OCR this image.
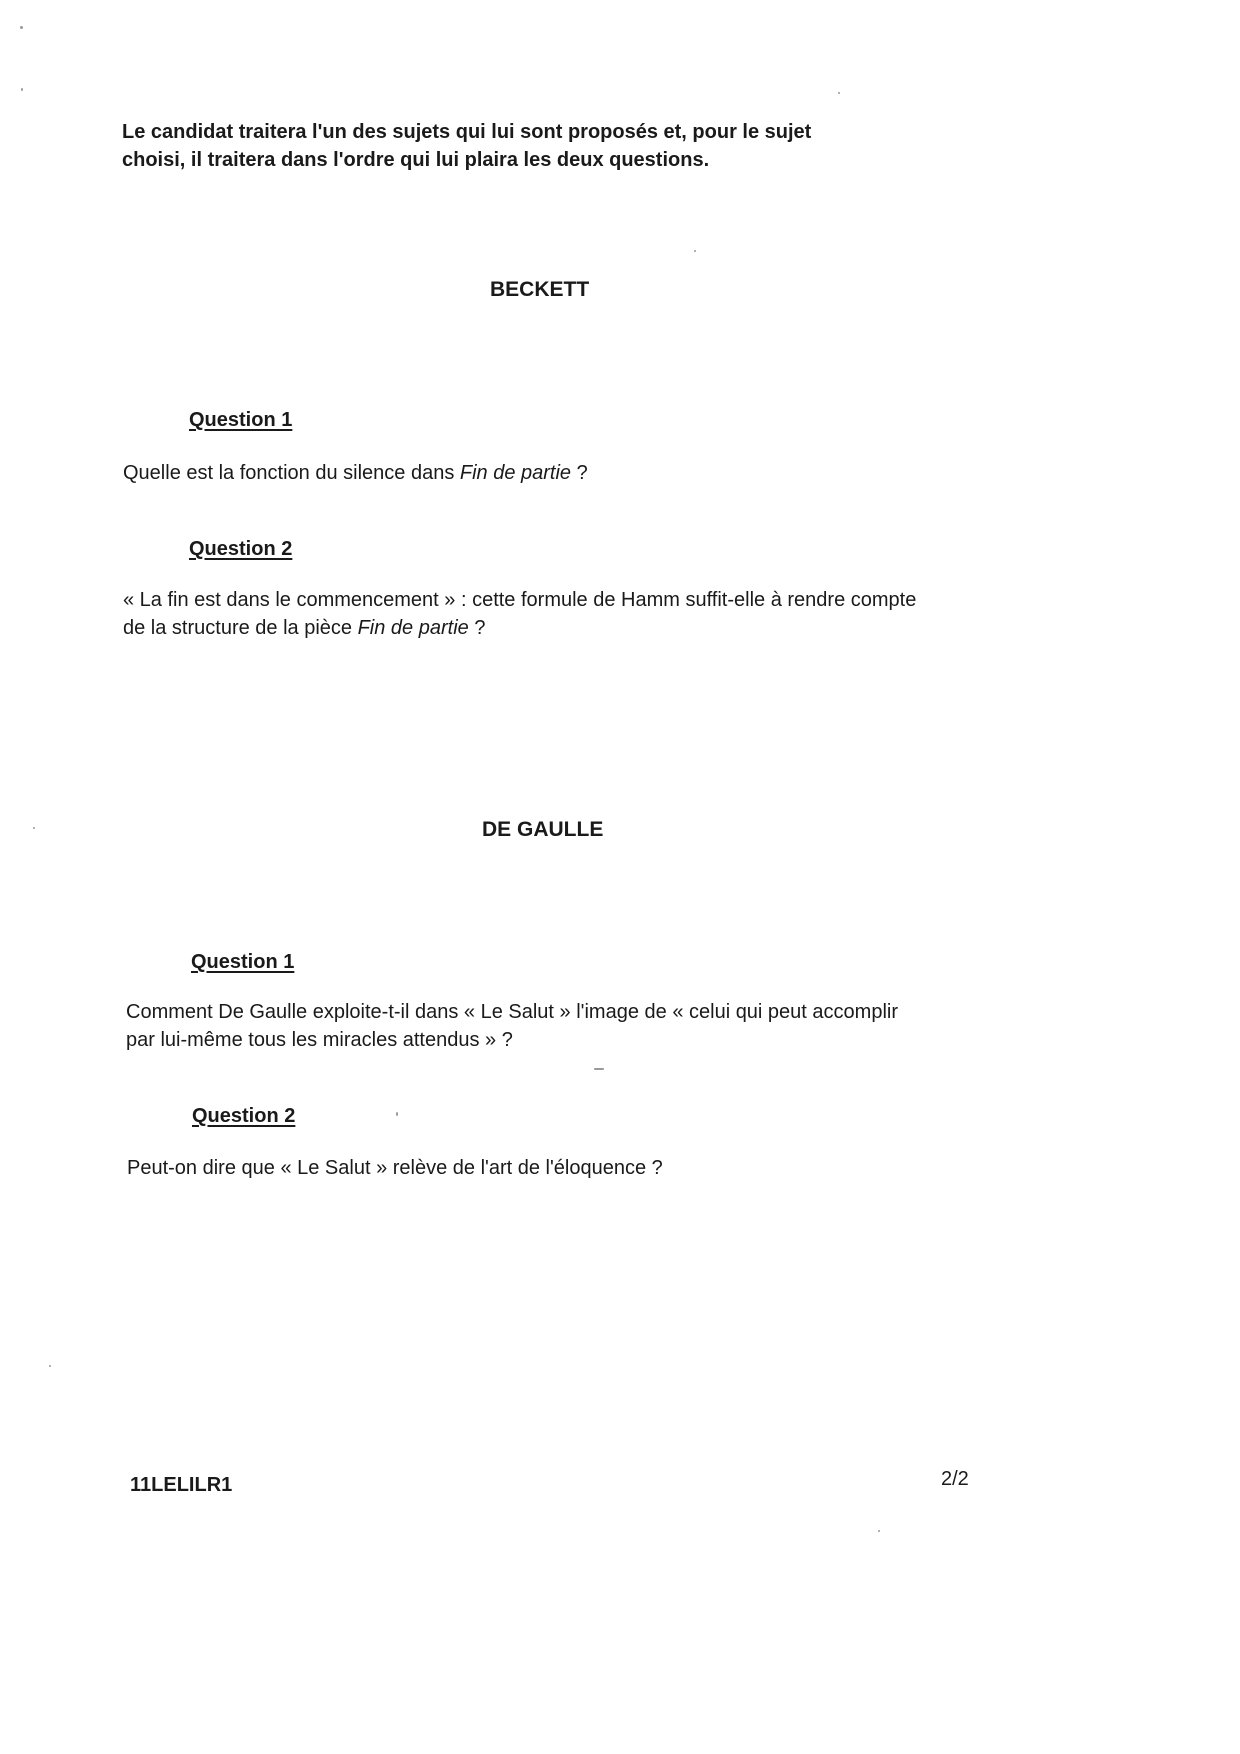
Le candidat traitera l'un des sujets qui lui sont proposés et, pour le sujet
choisi, il traitera dans l'ordre qui lui plaira les deux questions.
BECKETT
Question 1
Quelle est la fonction du silence dans Fin de partie ?
Question 2
« La fin est dans le commencement » : cette formule de Hamm suffit-elle à rendre compte de la structure de la pièce Fin de partie ?
DE GAULLE
Question 1
Comment De Gaulle exploite-t-il dans « Le Salut » l'image de « celui qui peut accomplir par lui-même tous les miracles attendus » ?
Question 2
Peut-on dire que « Le Salut » relève de l'art de l'éloquence ?
11LELILR1	2/2
